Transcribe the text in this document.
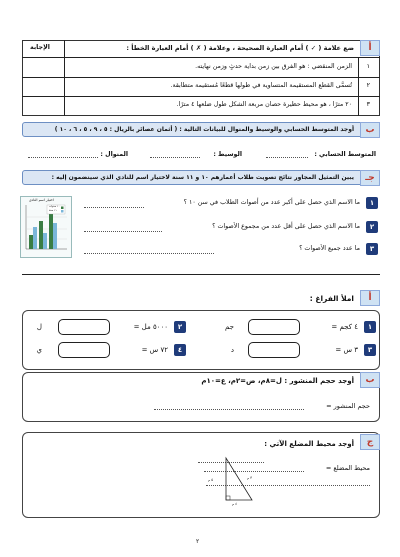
أ
ضع علامة ( ✓ ) أمام العبارة الصحيحة ، وعلامة ( ✗ ) أمام العبارة الخطأ :
الإجابة
١
الزمن المنقضي : هو الفرق بين زمن بداية حدثٍ وزمن نهايته.
٢
تُسمَّى القطع المستقيمة المتساوية في طولها قطعًا مُستقيمة متطابقة.
٣
٢٠ مترًا ، هو محيط حظيرة حصان مربعة الشكل طول ضلعها ٤ مترًا.
ب
أوجد المتوسط الحسابي والوسيط والمنوال للبيانات التالية : ( أثمان عصائر بالريال : ٥ ، ٩ ، ٥ ، ٦ ، ١٠ )
المتوسط الحسابي :
الوسيط :
المنوال :
جـ
يبين التمثيل المجاور نتائج تصويت طلاب أعمارهم ١٠ و ١١ سنة لاختيار اسم للنادي الذي سينضمون إليه :
١
ما الاسم الذي حصل على أكبر عدد من أصوات الطلاب في سن ١٠ ؟
٢
ما الاسم الذي حصل على أقل عدد من مجموع الأصوات ؟
٣
ما عدد جميع الأصوات ؟
اختيار اسم النادي
١٠ سنوات
١١ سنة
أ
املأ الفراغ :
١
٤ كجم =
جم
٢
٥٠٠٠ مل =
ل
٣
٣ س =
د
٤
٧٢ س =
ي
ب
أوجد حجم المنشور : ل=٨م، ض=٢م، ع=١٠م
حجم المنشور =
ج
أوجد محيط المضلع الآتي :
محيط المضلع =
٥ م
٤ م
٣ م
٢
